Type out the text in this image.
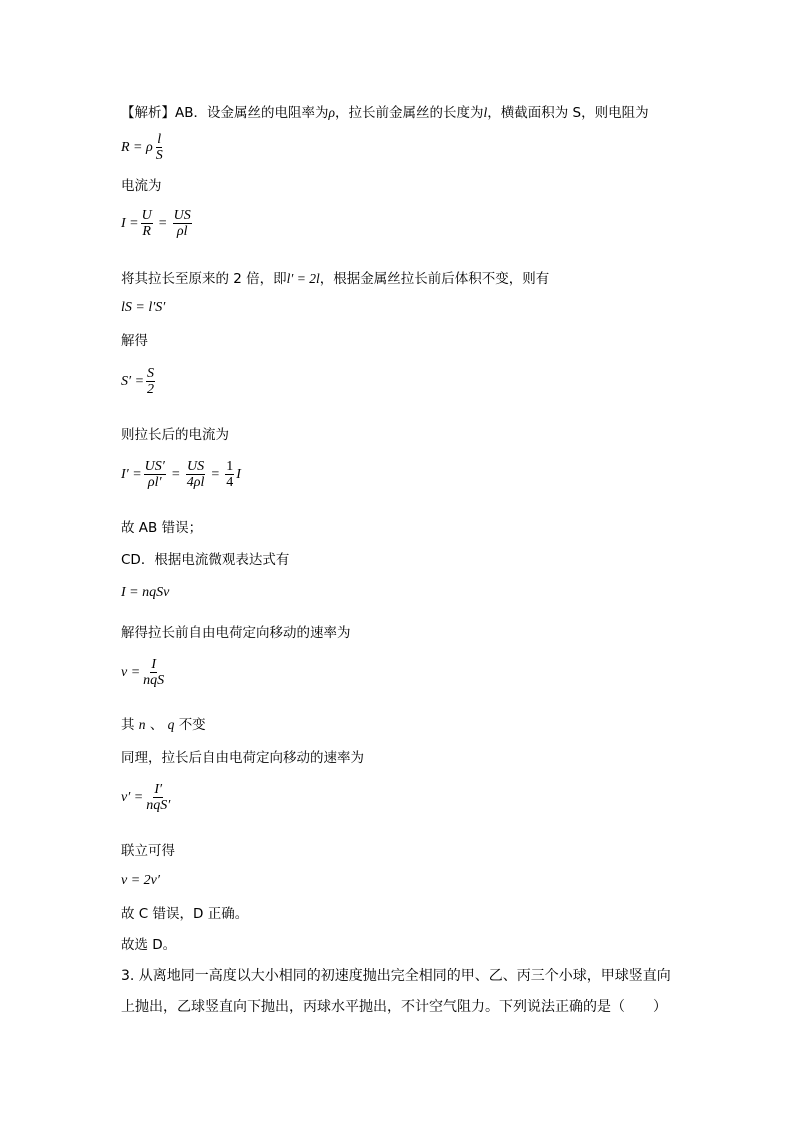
【解析】AB．设金属丝的电阻率为ρ，拉长前金属丝的长度为l，横截面积为 S，则电阻为
R = ρ $\frac{l}{S}$
电流为
$I = \frac{U}{R} = \frac{US}{\rho l}$
将其拉长至原来的 2 倍，即l′ = 2l，根据金属丝拉长前后体积不变，则有
lS = l′S′
解得
$S' = \frac{S}{2}$
则拉长后的电流为
$I' = \frac{US'}{\rho l'} = \frac{US}{4\rho l} = \frac{1}{4}$ I
故 AB 错误；
CD．根据电流微观表达式有
I = nqSv
解得拉长前自由电荷定向移动的速率为
$v = \frac{I}{\text{nqS}}$
其 n 、 q 不变
同理，拉长后自由电荷定向移动的速率为
$v' = \frac{I'}{\text{nqS′}}$
联立可得
v = 2v′
故 C 错误，D 正确。
故选 D。
3. 从离地同一高度以大小相同的初速度抛出完全相同的甲、乙、丙三个小球，甲球竖直向
上抛出，乙球竖直向下抛出，丙球水平抛出，不计空气阻力。下列说法正确的是（　　）
